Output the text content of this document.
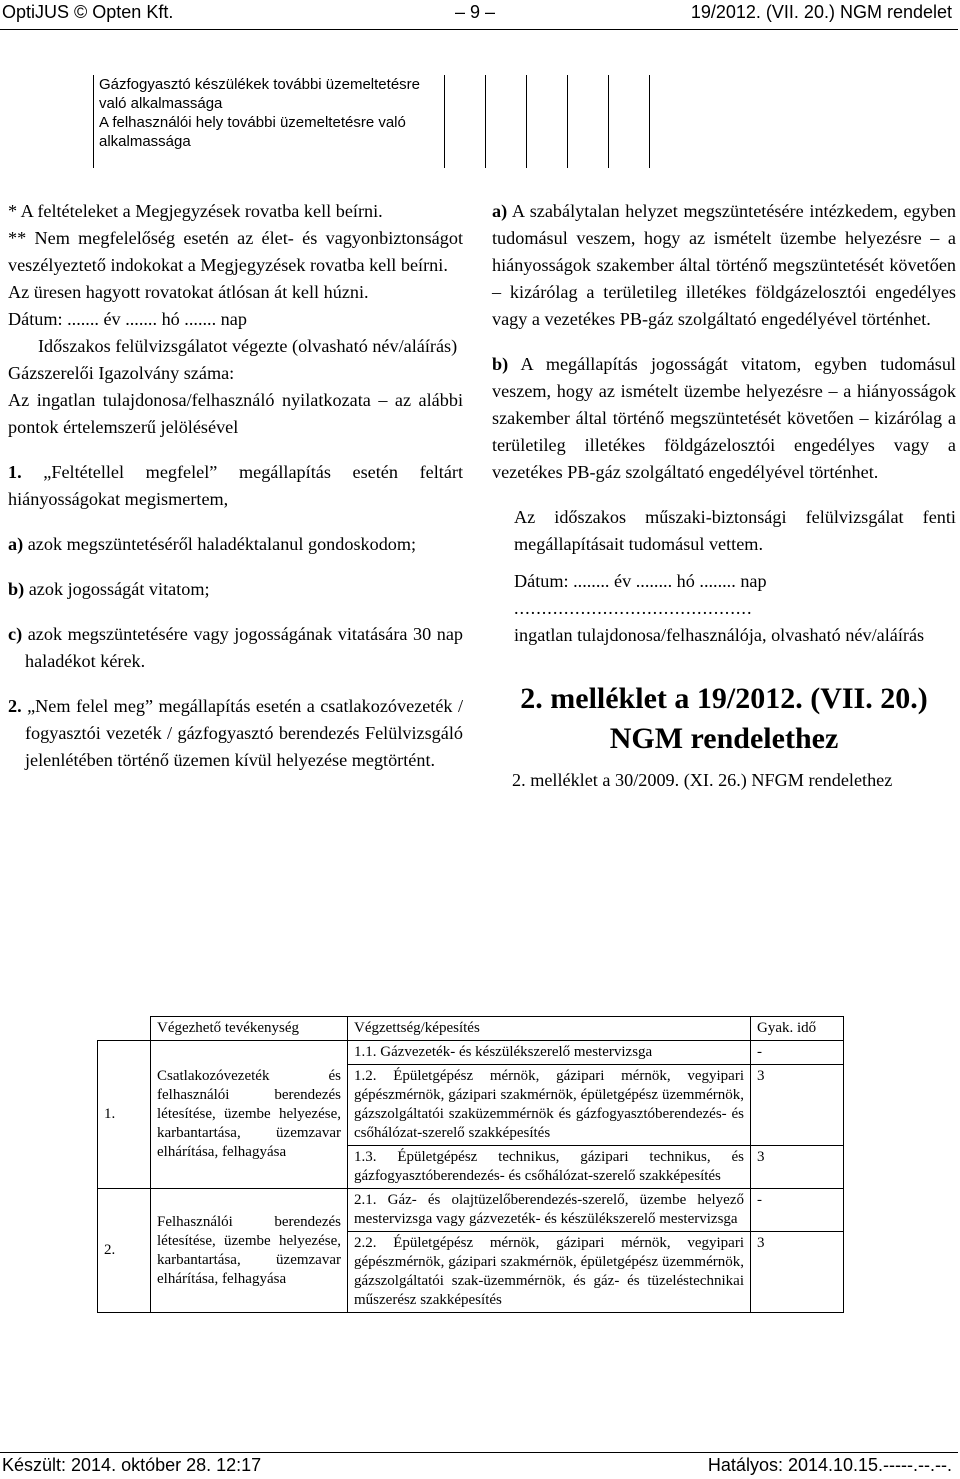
OptiJUS © Opten Kft.	– 9 –	19/2012. (VII. 20.) NGM rendelet
Gázfogyasztó készülékek további üzemeltetésre való alkalmassága
A felhasználói hely további üzemeltetésre való alkalmassága

* A feltételeket a Megjegyzések rovatba kell beírni.

** Nem megfelelőség esetén az élet- és vagyonbiztonságot veszélyeztető indokokat a Megjegyzések rovatba kell beírni.

Az üresen hagyott rovatokat átlósan át kell húzni.

Dátum: ....... év ....... hó ....... nap

Időszakos felülvizsgálatot végezte (olvasható név/aláírás)

Gázszerelői Igazolvány száma:

Az ingatlan tulajdonosa/felhasználó nyilatkozata – az alábbi pontok értelemszerű jelölésével

1. „Feltétellel megfelel” megállapítás esetén feltárt hiányosságokat megismertem,

a) azok megszüntetéséről haladéktalanul gondoskodom;

b) azok jogosságát vitatom;

c) azok megszüntetésére vagy jogosságának vitatására 30 nap haladékot kérek.

2. „Nem felel meg” megállapítás esetén a csatlakozóvezeték / fogyasztói vezeték / gázfogyasztó berendezés Felülvizsgáló jelenlétében történő üzemen kívül helyezése megtörtént.

a) A szabálytalan helyzet megszüntetésére intézkedem, egyben tudomásul veszem, hogy az ismételt üzembe helyezésre – a hiányosságok szakember által történő megszüntetését követően – kizárólag a területileg illetékes földgázelosztói engedélyes vagy a vezetékes PB-gáz szolgáltató engedélyével történhet.

b) A megállapítás jogosságát vitatom, egyben tudomásul veszem, hogy az ismételt üzembe helyezésre – a hiányosságok szakember által történő megszüntetését követően – kizárólag a területileg illetékes földgázelosztói engedélyes vagy a vezetékes PB-gáz szolgáltató engedélyével történhet.

Az időszakos műszaki-biztonsági felülvizsgálat fenti megállapításait tudomásul vettem.

Dátum: ........ év ........ hó ........ nap

...........................................

ingatlan tulajdonosa/felhasználója, olvasható név/aláírás

2. melléklet a 19/2012. (VII. 20.)
NGM rendelethez

2. melléklet a 30/2009. (XI. 26.) NFGM rendelethez

	Végezhető tevékenység	Végzettség/képesítés	Gyak. idő
1.	Csatlakozóvezeték és felhasználói berendezés létesítése, üzembe helyezése, karbantartása, üzemzavar elhárítása, felhagyása	1.1. Gázvezeték- és készülékszerelő mestervizsga	-
		1.2. Épületgépész mérnök, gázipari mérnök, vegyipari gépészmérnök, gázipari szakmérnök, épületgépész üzemmérnök, gázszolgáltatói szaküzemmérnök és gázfogyasztóberendezés- és csőhálózat-szerelő szakképesítés	3
		1.3. Épületgépész technikus, gázipari technikus, és gázfogyasztóberendezés- és csőhálózat-szerelő szakképesítés	3
2.	Felhasználói berendezés létesítése, üzembe helyezése, karbantartása, üzemzavar elhárítása, felhagyása	2.1. Gáz- és olajtüzelőberendezés-szerelő, üzembe helyező mestervizsga vagy gázvezeték- és készülékszerelő mestervizsga	-
		2.2. Épületgépész mérnök, gázipari mérnök, vegyipari gépészmérnök, gázipari szakmérnök, épületgépész üzemmérnök, gázszolgáltatói szak-üzemmérnök, és gáz- és tüzeléstechnikai műszerész szakképesítés	3
Készült: 2014. október 28. 12:17	Hatályos: 2014.10.15.-----.--.--.
